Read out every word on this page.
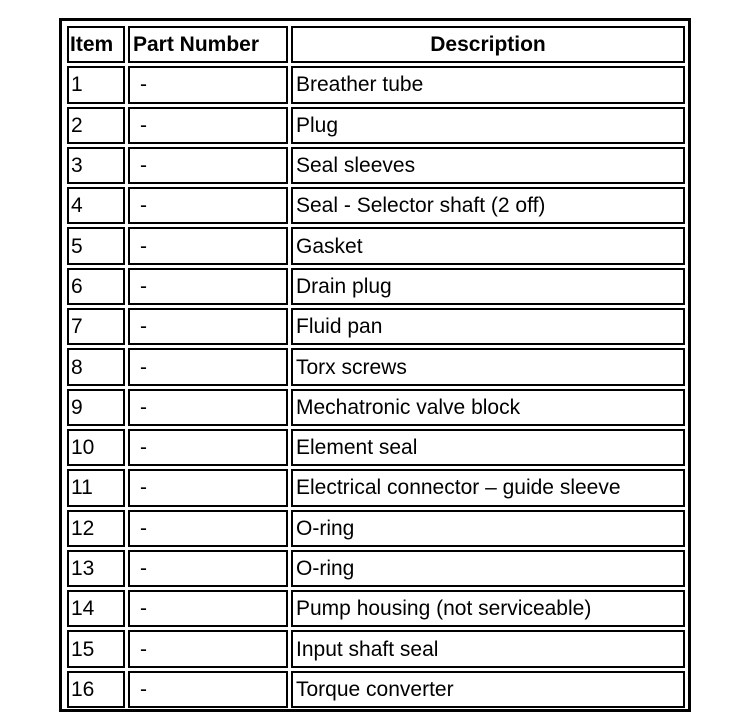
Item	Part Number	Description
1	-	Breather tube
2	-	Plug
3	-	Seal sleeves
4	-	Seal - Selector shaft (2 off)
5	-	Gasket
6	-	Drain plug
7	-	Fluid pan
8	-	Torx screws
9	-	Mechatronic valve block
10	-	Element seal
11	-	Electrical connector – guide sleeve
12	-	O-ring
13	-	O-ring
14	-	Pump housing (not serviceable)
15	-	Input shaft seal
16	-	Torque converter
